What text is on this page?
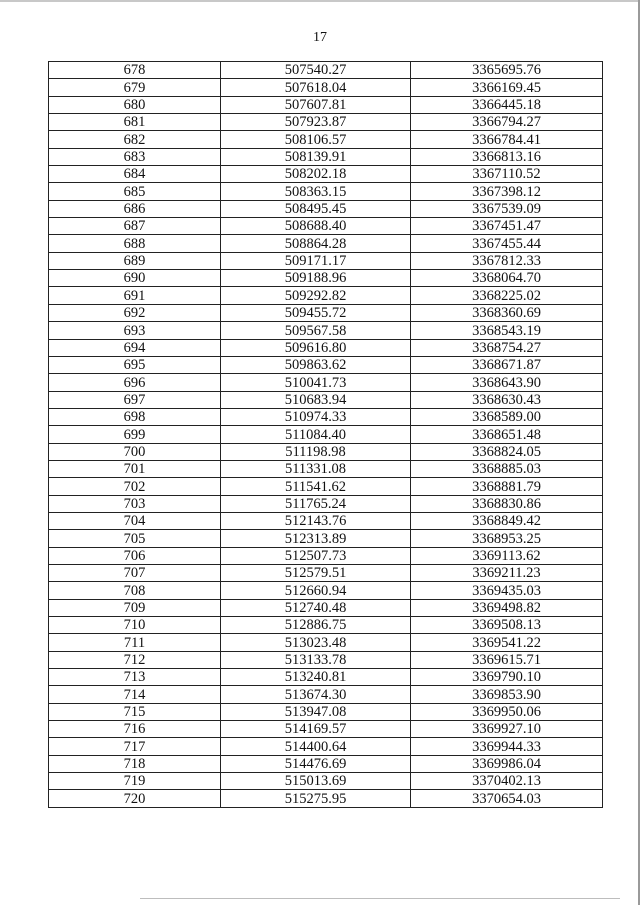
17
678	507540.27	3365695.76
679	507618.04	3366169.45
680	507607.81	3366445.18
681	507923.87	3366794.27
682	508106.57	3366784.41
683	508139.91	3366813.16
684	508202.18	3367110.52
685	508363.15	3367398.12
686	508495.45	3367539.09
687	508688.40	3367451.47
688	508864.28	3367455.44
689	509171.17	3367812.33
690	509188.96	3368064.70
691	509292.82	3368225.02
692	509455.72	3368360.69
693	509567.58	3368543.19
694	509616.80	3368754.27
695	509863.62	3368671.87
696	510041.73	3368643.90
697	510683.94	3368630.43
698	510974.33	3368589.00
699	511084.40	3368651.48
700	511198.98	3368824.05
701	511331.08	3368885.03
702	511541.62	3368881.79
703	511765.24	3368830.86
704	512143.76	3368849.42
705	512313.89	3368953.25
706	512507.73	3369113.62
707	512579.51	3369211.23
708	512660.94	3369435.03
709	512740.48	3369498.82
710	512886.75	3369508.13
711	513023.48	3369541.22
712	513133.78	3369615.71
713	513240.81	3369790.10
714	513674.30	3369853.90
715	513947.08	3369950.06
716	514169.57	3369927.10
717	514400.64	3369944.33
718	514476.69	3369986.04
719	515013.69	3370402.13
720	515275.95	3370654.03
